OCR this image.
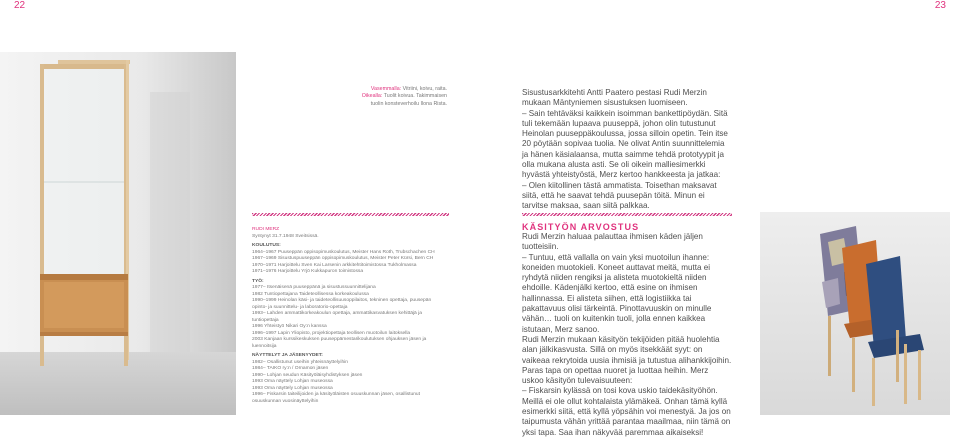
22	23
Vasemmalla: Vitriini, koivu, raita.
Oikealla: Tuolit koivua. Takimmaisen tuolin konsteverhoilu Ilona Rista.

RUDI MERZ

Syntynyt 31.7.1948 Sveitsissä.

KOULUTUS:

1964–1967 Puuseppän oppisopimuskoulutus, Meister Hans Roth, Trubschachen CH

1967–1969 Sisustuspuuseppän oppisopimuskoulutus, Meister Peter Kürsi, Bern CH

1970–1971 Harjoittelu Sven Kai Larsenin arkkitehtitoimistossa Tukholmassa

1971–1976 Harjoittelu Yrjö Kukkapuron toimistossa

TYÖ:

1977– Itsenäisenä puuseppänä ja sisustussuunnittelijana

1982 Tuntiopettajana Taideteollisessa korkeakoulussa

1990–1999 Heinolan käsi- ja taideteollisuusoppilaitos, tekninen opettaja, puusepän opinto- ja suunnittelu- ja laboratorio-opettaja

1993– Lahden ammattikorkeakoulun opettaja, ammattikasvatuksen kehittäjä ja tuntiopettaja

1996 Yhteistyö Nikari Oy:n kanssa

1996–1997 Lapin Yliopisto, projektiopettaja teollisen muotoilun laitoksella

2003 Kanjaan kurssikeskuksen puuseppämestarikoulutuksen ohjauksen jäsen ja luennoitsija

NÄYTTELYT JA JÄSENYYDET:

1982– Osallistunut useihin yhteisnäyttelyihin

1984– TAIKO ry:n / Ornamon jäsen

1990– Lohjan seudun Käsityöläisyhdistyksen jäsen

1993 Oma näyttely Lohjan museossa

1993 Oma näyttely Lohjan museossa

1996– Fiskarsin taiteilijoiden ja käsityöläisten osuuskunnan jäsen, osallistunut osuuskunnan vuosinäyttelyihin

Sisustusarkkitehti Antti Paatero pestasi Rudi Merzin mukaan Mäntyniemen sisustuksen luomiseen.

– Sain tehtäväksi kaikkein isoimman bankettipöydän. Sitä tuli tekemään lupaava puuseppä, johon olin tutustunut Heinolan puuseppäkoulussa, jossa silloin opetin. Tein itse 20 pöytään sopivaa tuolia. Ne olivat Antin suunnittelemia ja hänen käsialaansa, mutta saimme tehdä prototyypit ja olla mukana alusta asti. Se oli oikein malliesimerkki hyvästä yhteistyöstä, Merz kertoo hankkeesta ja jatkaa:

– Olen kiitollinen tästä ammatista. Toisethan maksavat siitä, että he saavat tehdä puusepän töitä. Minun ei tarvitse maksaa, saan siitä palkkaa.

KÄSITYÖN ARVOSTUS

Rudi Merzin haluaa palauttaa ihmisen käden jäljen tuotteisiin.

– Tuntuu, että vallalla on vain yksi muotoilun ihanne: koneiden muotokieli. Koneet auttavat meitä, mutta ei ryhdytä niiden rengiksi ja alisteta muotokieltä niiden ehdoille. Kädenjälki kertoo, että esine on ihmisen hallinnassa. Ei alisteta siihen, että logistiikka tai pakattavuus olisi tärkeintä. Pinottavuuskin on minulle vähän… tuoli on kuitenkin tuoli, jolla ennen kaikkea istutaan, Merz sanoo.

Rudi Merzin mukaan käsityön tekijöiden pitää huolehtia alan jälkikasvusta. Sillä on myös itsekkäät syyt: on vaikeaa rekrytoida uusia ihmisiä ja tutustua alihankkijoihin. Paras tapa on opettaa nuoret ja luottaa heihin. Merz uskoo käsityön tulevaisuuteen:

– Fiskarsin kylässä on tosi kova uskio taidekäsityöhön. Meillä ei ole ollut kohtalaista ylämäkeä. Onhan tämä kyllä esimerkki siitä, että kyllä yöpsähin voi menestyä. Ja jos on taipumusta vähän yrittää parantaa maailmaa, niin tämä on yksi tapa. Saa ihan näkyvää paremmaa aikaiseksi!
